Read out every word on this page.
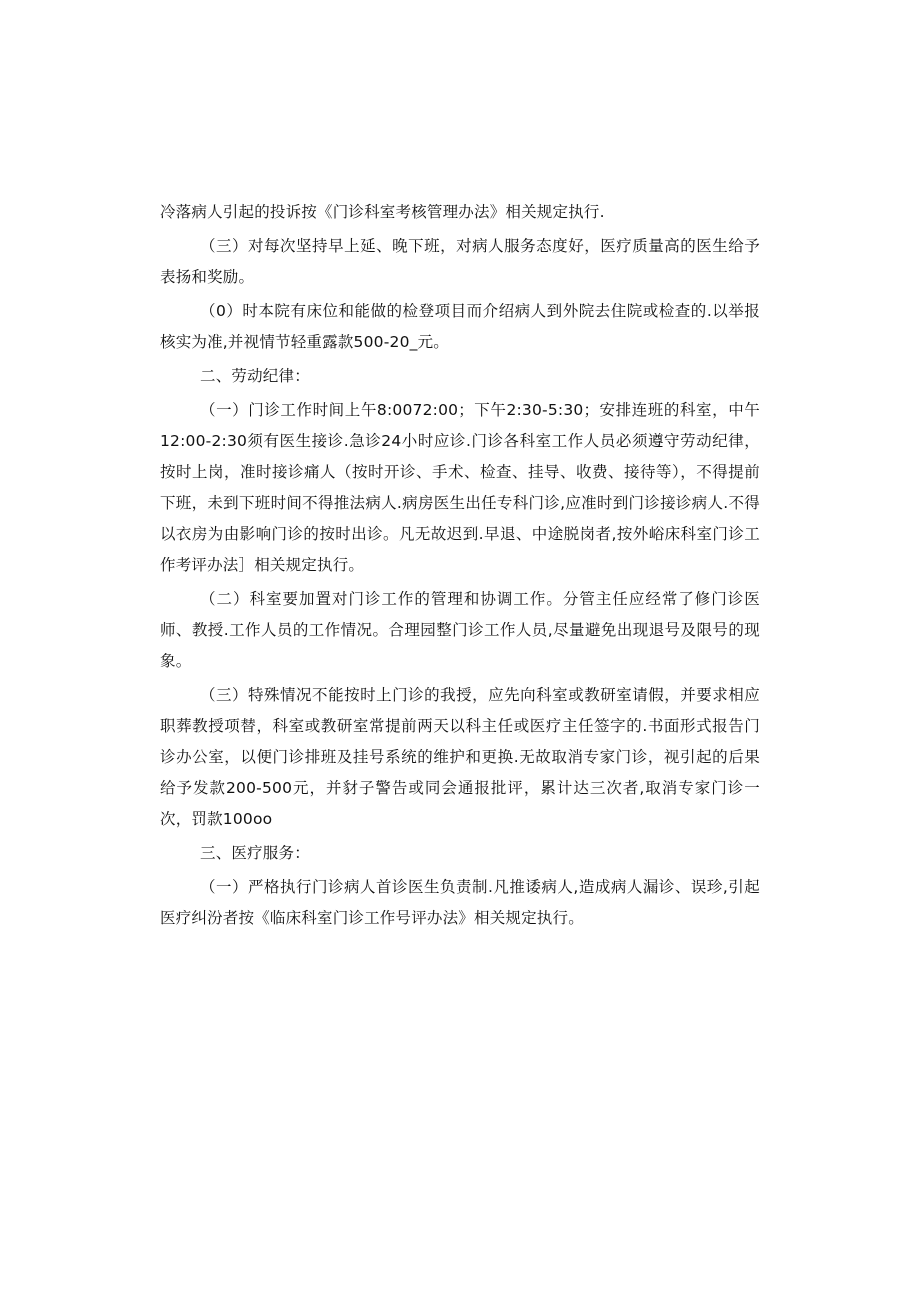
冷落病人引起的投诉按《门诊科室考核管理办法》相关规定执行.

（三）对每次坚持早上延、晚下班，对病人服务态度好，医疗质量高的医生给予表扬和奖励。

（0）时本院有床位和能做的检登项目而介绍病人到外院去住院或检查的.以举报核实为准,并视情节轻重露款500-20_元。

二、劳动纪律：

（一）门诊工作时间上午8:0072:00；下午2:30-5:30；安排连班的科室，中午12:00-2:30须有医生接诊.急诊24小时应诊.门诊各科室工作人员必须遵守劳动纪律，按时上岗，准时接诊痛人（按时开诊、手术、检查、挂导、收费、接待等），不得提前下班，未到下班时间不得推法病人.病房医生出任专科门诊,应准时到门诊接诊病人.不得以衣房为由影响门诊的按时出诊。凡无故迟到.早退、中途脱岗者,按外峪床科室门诊工作考评办法］相关规定执行。

（二）科室要加置对门诊工作的管理和协调工作。分管主任应经常了修门诊医师、教授.工作人员的工作情况。合理园整门诊工作人员,尽量避免出现退号及限号的现象。

（三）特殊情况不能按时上门诊的我授，应先向科室或教研室请假，并要求相应职葬教授项替，科室或教研室常提前两天以科主任或医疗主任签字的.书面形式报告门诊办公室，以便门诊排班及挂号系统的维护和更换.无故取消专家门诊，视引起的后果给予发款200-500元，并豺子警告或同会通报批评，累计达三次者,取消专家门诊一次，罚款100oo

三、医疗服务：

（一）严格执行门诊病人首诊医生负责制.凡推诿病人,造成病人漏诊、误珍,引起医疗纠汾者按《临床科室门诊工作号评办法》相关规定执行。
